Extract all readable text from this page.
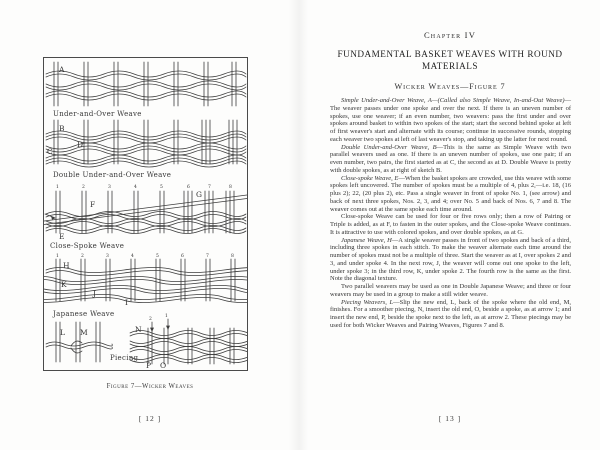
A
Under-and-Over Weave
B
C
D
Double Under-and-Over Weave
1	2	3	4	5	6	7	8
F
G
E
Close-Spoke Weave
1	2	3	4	5	6	7	8
H
K
J
I
Japanese Weave
L M
Piecing
N
2
1
P O
Figure 7—Wicker Weaves
[ 12 ]
Chapter IV
FUNDAMENTAL BASKET WEAVES WITH ROUND MATERIALS
Wicker Weaves—Figure 7

Simple Under-and-Over Weave, A—(Called also Simple Weave, In-and-Out Weave)—The weaver passes under one spoke and over the next. If there is an uneven number of spokes, use one weaver; if an even number, two weavers: pass the first under and over spokes around basket to within two spokes of the start; start the second behind spoke at left of first weaver's start and alternate with its course; continue in successive rounds, stopping each weaver two spokes at left of last weaver's stop, and taking up the latter for next round.

Double Under-and-Over Weave, B—This is the same as Simple Weave with two parallel weavers used as one. If there is an uneven number of spokes, use one pair; if an even number, two pairs, the first started as at C, the second as at D. Double Weave is pretty with double spokes, as at right of sketch B.

Close-spoke Weave, E—When the basket spokes are crowded, use this weave with some spokes left uncovered. The number of spokes must be a multiple of 4, plus 2,—i.e. 18, (16 plus 2); 22, (20 plus 2), etc. Pass a single weaver in front of spoke No. 1, (see arrow) and back of next three spokes, Nos. 2, 3, and 4; over No. 5 and back of Nos. 6, 7 and 8. The weaver comes out at the same spoke each time around.

Close-spoke Weave can be used for four or five rows only; then a row of Pairing or Triple is added, as at F, to fasten in the outer spokes, and the Close-spoke Weave continues. It is attractive to use with colored spokes, and over double spokes, as at G.

Japanese Weave, H—A single weaver passes in front of two spokes and back of a third, including three spokes in each stitch. To make the weaver alternate each time around the number of spokes must not be a multiple of three. Start the weaver as at I, over spokes 2 and 3, and under spoke 4. In the next row, J, the weaver will come out one spoke to the left, under spoke 3; in the third row, K, under spoke 2. The fourth row is the same as the first. Note the diagonal texture.

Two parallel weavers may be used as one in Double Japanese Weave; and three or four weavers may be used in a group to make a still wider weave.

Piecing Weavers, L—Slip the new end, L, back of the spoke where the old end, M, finishes. For a smoother piecing, N, insert the old end, O, beside a spoke, as at arrow 1; and insert the new end, P, beside the spoke next to the left, as at arrow 2. These piecings may be used for both Wicker Weaves and Pairing Weaves, Figures 7 and 8.

[ 13 ]
